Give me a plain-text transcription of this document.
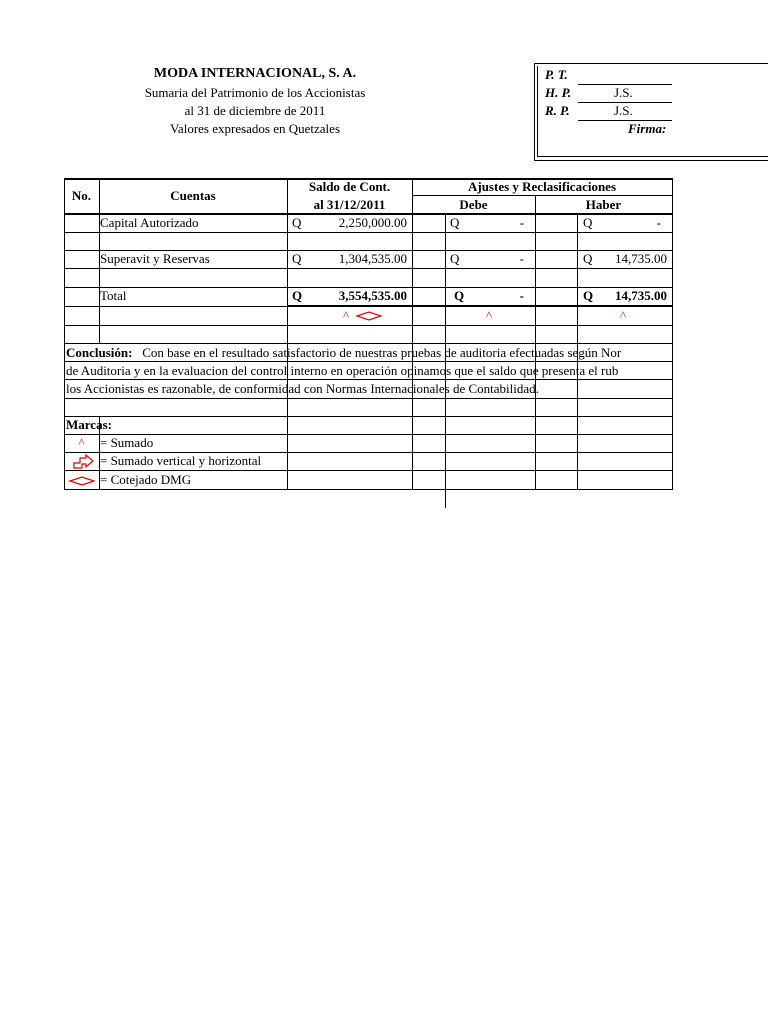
MODA INTERNACIONAL, S. A.
Sumaria del Patrimonio de los Accionistas
al 31 de diciembre de 2011
Valores expresados en Quetzales
P. T.
H. P.	J.S.
R. P.	J.S.
Firma:
No.	Cuentas
Saldo de Cont.
al 31/12/2011
Ajustes y Reclasificaciones
Debe	Haber
Capital Autorizado	Q	2,250,000.00	Q	-	Q	-
Superavit y Reservas	Q	1,304,535.00	Q	-	Q	14,735.00
Total	Q	3,554,535.00	Q	-	Q	14,735.00
^	^	^
Conclusión: Con base en el resultado satisfactorio de nuestras pruebas de auditoria efectuadas según Nor
de Auditoria y en la evaluacion del control interno en operación opinamos que el saldo que presenta el rub
los Accionistas es razonable, de conformidad con Normas Internacionales de Contabilidad.
Marcas:
^	= Sumado
= Sumado vertical y horizontal
= Cotejado DMG
